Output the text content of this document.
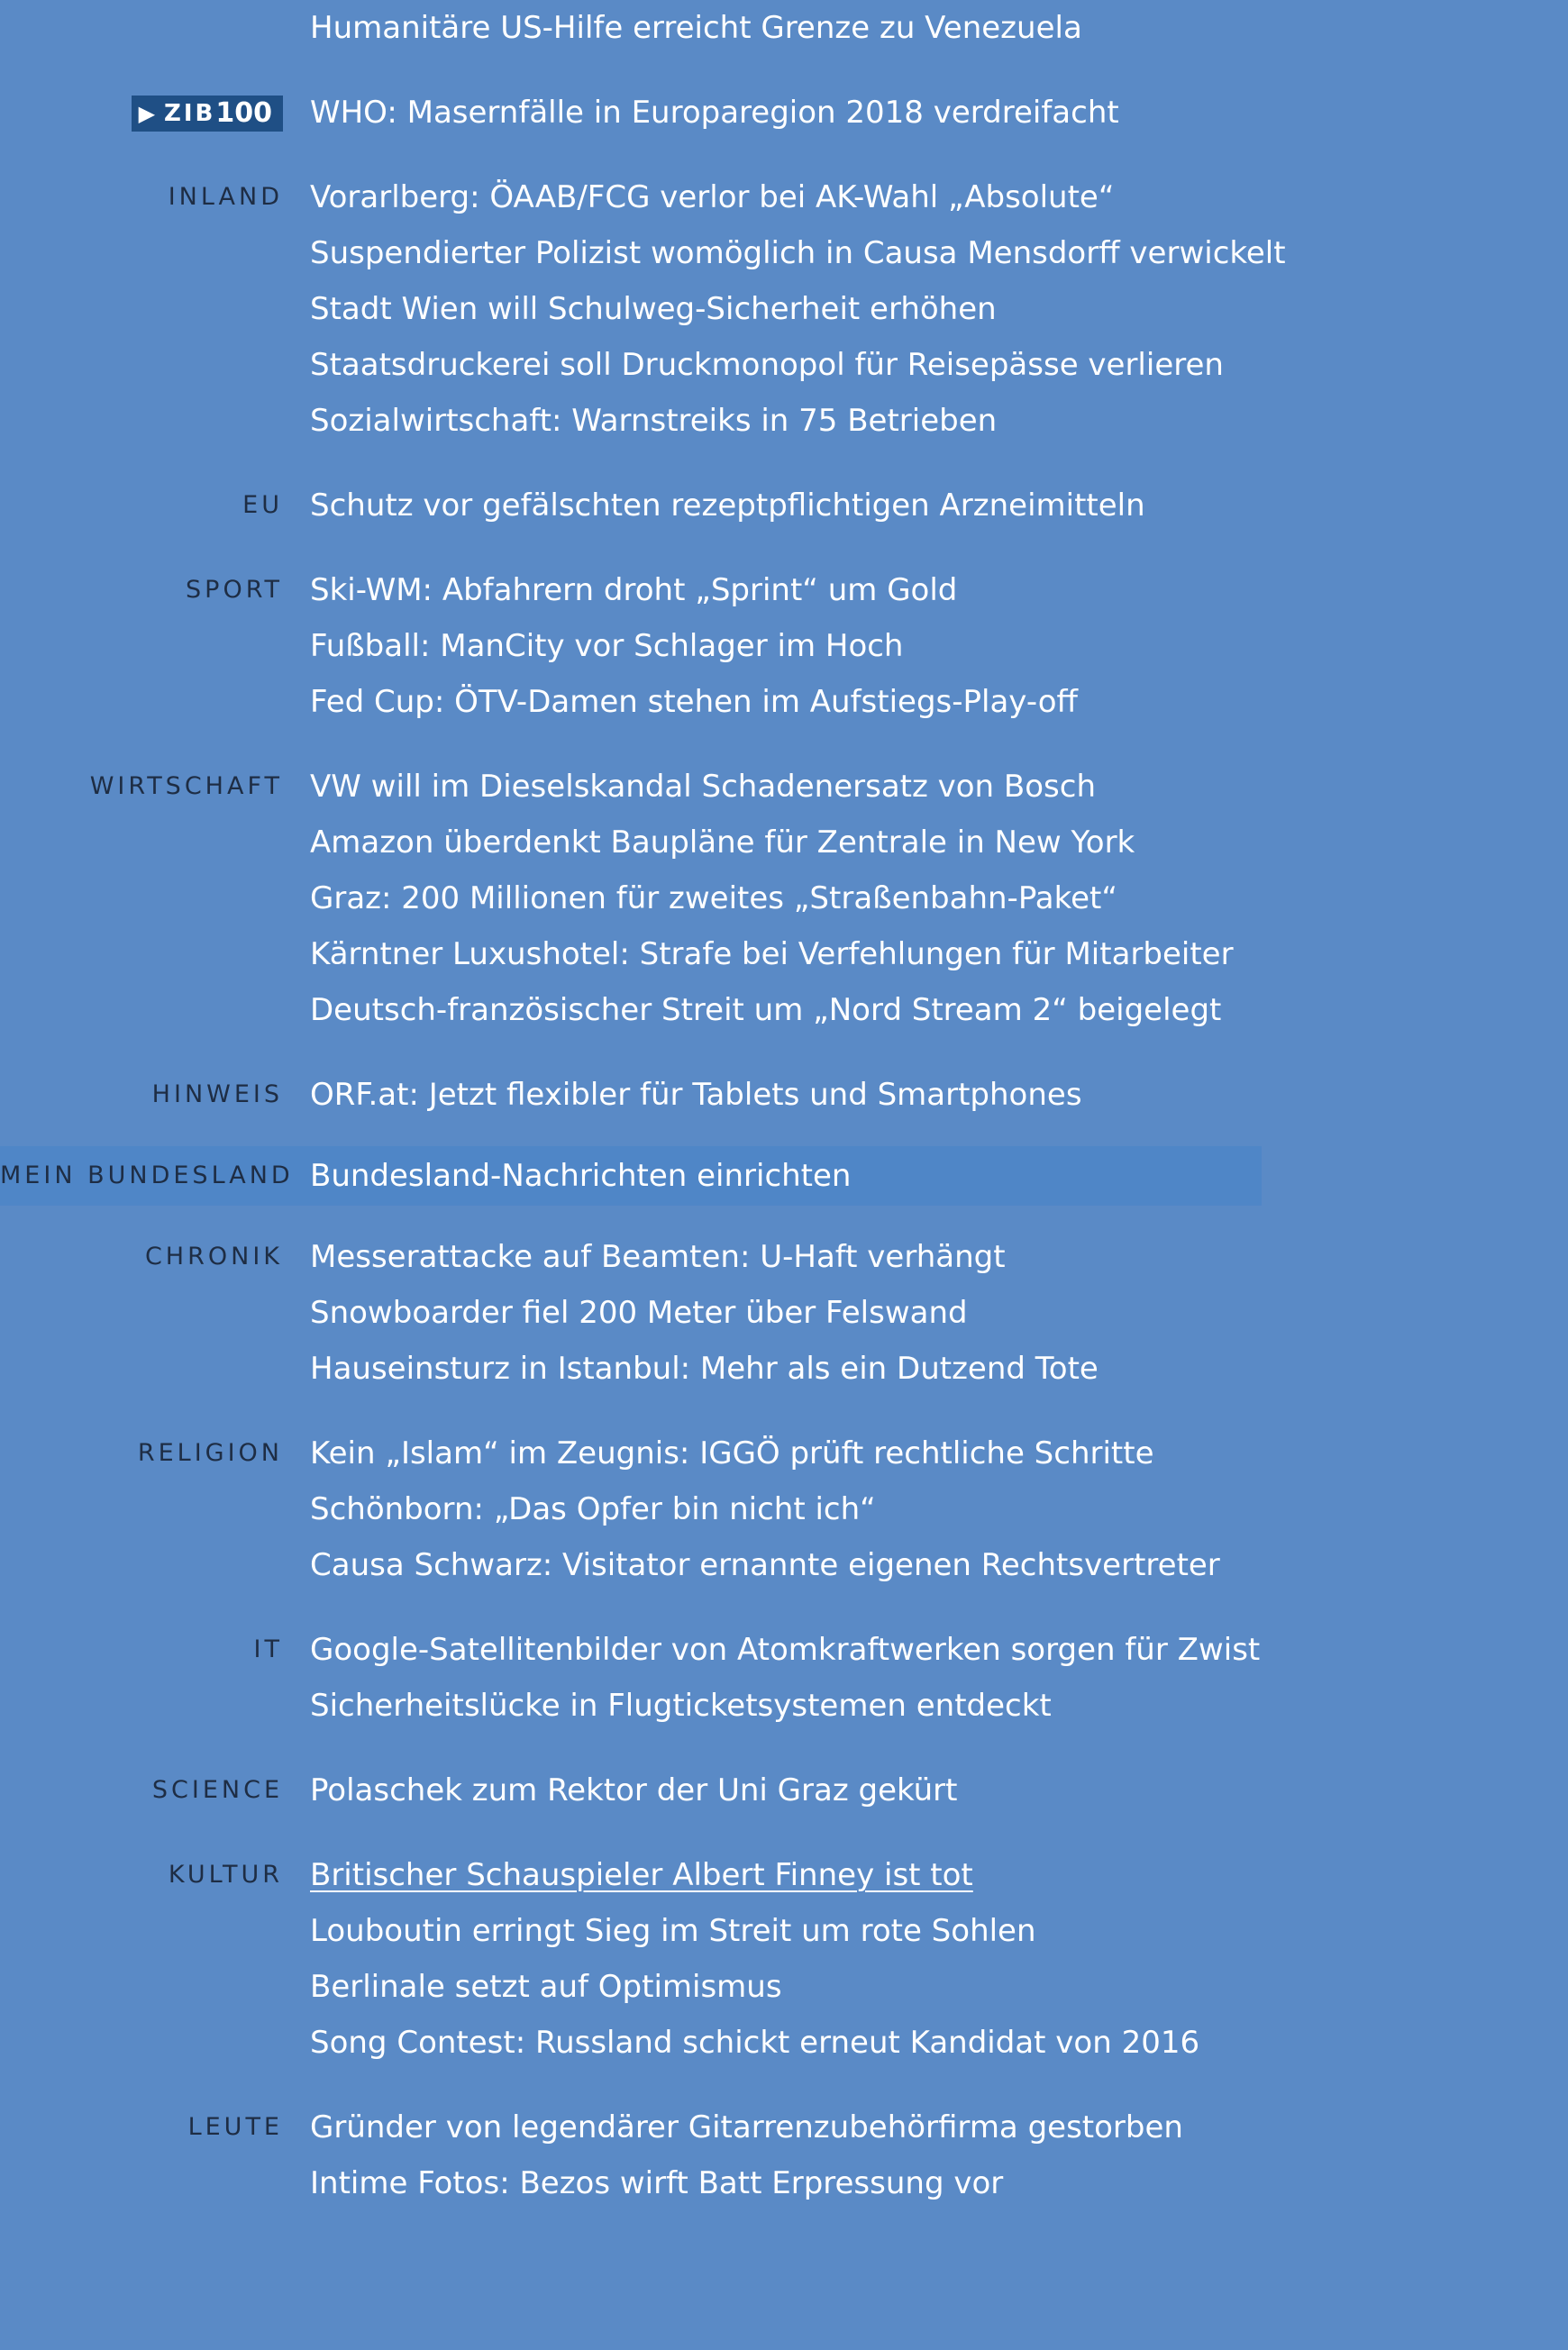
Humanitäre US-Hilfe erreicht Grenze zu Venezuela
▶ ZIB 100 WHO: Masernfälle in Europaregion 2018 verdreifacht
INLAND Vorarlberg: ÖAAB/FCG verlor bei AK-Wahl „Absolute“
Suspendierter Polizist womöglich in Causa Mensdorff verwickelt
Stadt Wien will Schulweg-Sicherheit erhöhen
Staatsdruckerei soll Druckmonopol für Reisepässe verlieren
Sozialwirtschaft: Warnstreiks in 75 Betrieben
EU Schutz vor gefälschten rezeptpflichtigen Arzneimitteln
SPORT Ski-WM: Abfahrern droht „Sprint“ um Gold
Fußball: ManCity vor Schlager im Hoch
Fed Cup: ÖTV-Damen stehen im Aufstiegs-Play-off
WIRTSCHAFT VW will im Dieselskandal Schadenersatz von Bosch
Amazon überdenkt Baupläne für Zentrale in New York
Graz: 200 Millionen für zweites „Straßenbahn-Paket“
Kärntner Luxushotel: Strafe bei Verfehlungen für Mitarbeiter
Deutsch-französischer Streit um „Nord Stream 2“ beigelegt
HINWEIS ORF.at: Jetzt flexibler für Tablets und Smartphones
MEIN BUNDESLAND Bundesland-Nachrichten einrichten
CHRONIK Messerattacke auf Beamten: U-Haft verhängt
Snowboarder fiel 200 Meter über Felswand
Hauseinsturz in Istanbul: Mehr als ein Dutzend Tote
RELIGION Kein „Islam“ im Zeugnis: IGGÖ prüft rechtliche Schritte
Schönborn: „Das Opfer bin nicht ich“
Causa Schwarz: Visitator ernannte eigenen Rechtsvertreter
IT Google-Satellitenbilder von Atomkraftwerken sorgen für Zwist
Sicherheitslücke in Flugticketsystemen entdeckt
SCIENCE Polaschek zum Rektor der Uni Graz gekürt
KULTUR Britischer Schauspieler Albert Finney ist tot
Louboutin erringt Sieg im Streit um rote Sohlen
Berlinale setzt auf Optimismus
Song Contest: Russland schickt erneut Kandidat von 2016
LEUTE Gründer von legendärer Gitarrenzubehörfirma gestorben
Intime Fotos: Bezos wirft Batt Erpressung vor
